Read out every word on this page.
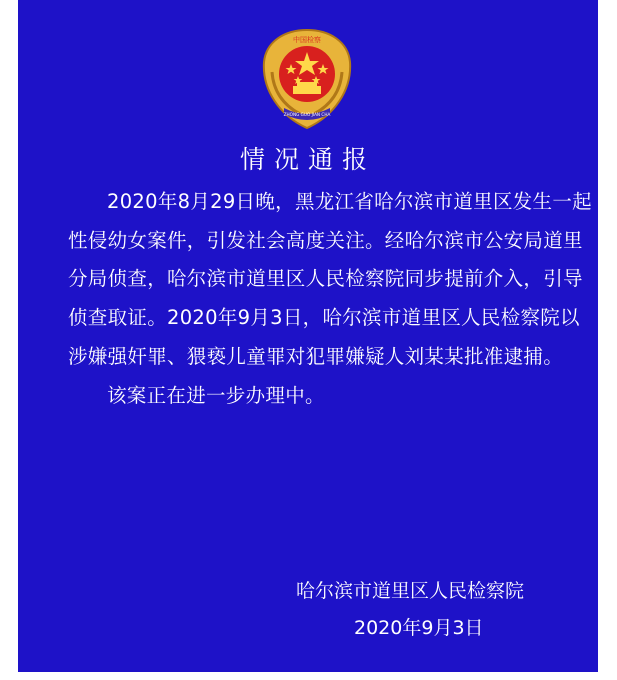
中国检察
ZHONG GUO JIAN CHA
情况通报

2020年8月29日晚，黑龙江省哈尔滨市道里区发生一起性侵幼女案件，引发社会高度关注。经哈尔滨市公安局道里分局侦查，哈尔滨市道里区人民检察院同步提前介入，引导侦查取证。2020年9月3日，哈尔滨市道里区人民检察院以涉嫌强奸罪、猥亵儿童罪对犯罪嫌疑人刘某某批准逮捕。

该案正在进一步办理中。

哈尔滨市道里区人民检察院
2020年9月3日
